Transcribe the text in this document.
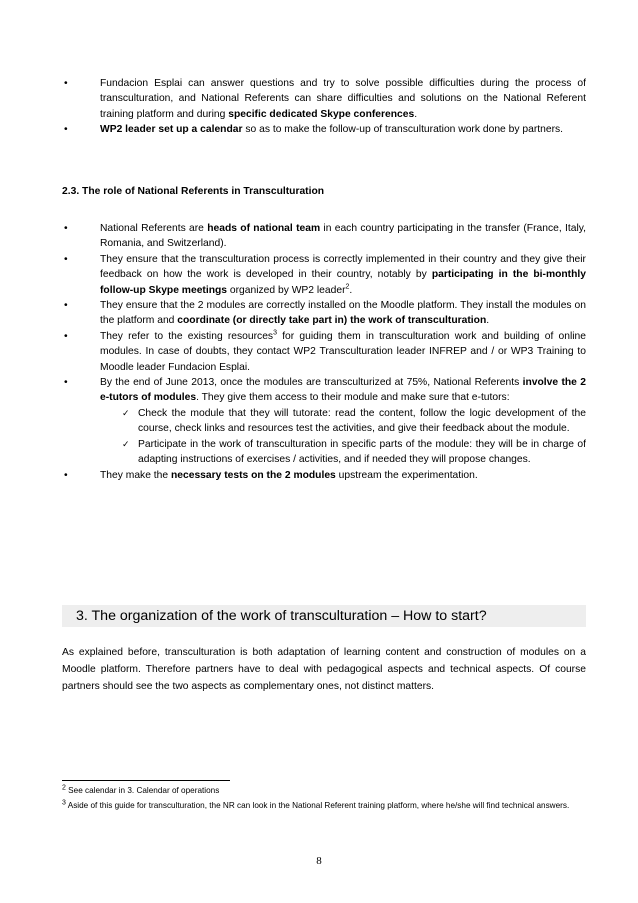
• Fundacion Esplai can answer questions and try to solve possible difficulties during the process of transculturation, and National Referents can share difficulties and solutions on the National Referent training platform and during specific dedicated Skype conferences.
• WP2 leader set up a calendar so as to make the follow-up of transculturation work done by partners.

2.3. The role of National Referents in Transculturation

• National Referents are heads of national team in each country participating in the transfer (France, Italy, Romania, and Switzerland).
• They ensure that the transculturation process is correctly implemented in their country and they give their feedback on how the work is developed in their country, notably by participating in the bi-monthly follow-up Skype meetings organized by WP2 leader$^2$.
• They ensure that the 2 modules are correctly installed on the Moodle platform. They install the modules on the platform and coordinate (or directly take part in) the work of transculturation.
• They refer to the existing resources$^3$ for guiding them in transculturation work and building of online modules. In case of doubts, they contact WP2 Transculturation leader INFREP and / or WP3 Training to Moodle leader Fundacion Esplai.
• By the end of June 2013, once the modules are transculturized at 75%, National Referents involve the 2 e-tutors of modules. They give them access to their module and make sure that e-tutors:
✓ Check the module that they will tutorate: read the content, follow the logic development of the course, check links and resources test the activities, and give their feedback about the module.
✓ Participate in the work of transculturation in specific parts of the module: they will be in charge of adapting instructions of exercises / activities, and if needed they will propose changes.
• They make the necessary tests on the 2 modules upstream the experimentation.

3. The organization of the work of transculturation – How to start?

As explained before, transculturation is both adaptation of learning content and construction of modules on a Moodle platform. Therefore partners have to deal with pedagogical aspects and technical aspects. Of course partners should see the two aspects as complementary ones, not distinct matters.

$^2$ See calendar in 3. Calendar of operations

$^3$ Aside of this guide for transculturation, the NR can look in the National Referent training platform, where he/she will find technical answers.

8
